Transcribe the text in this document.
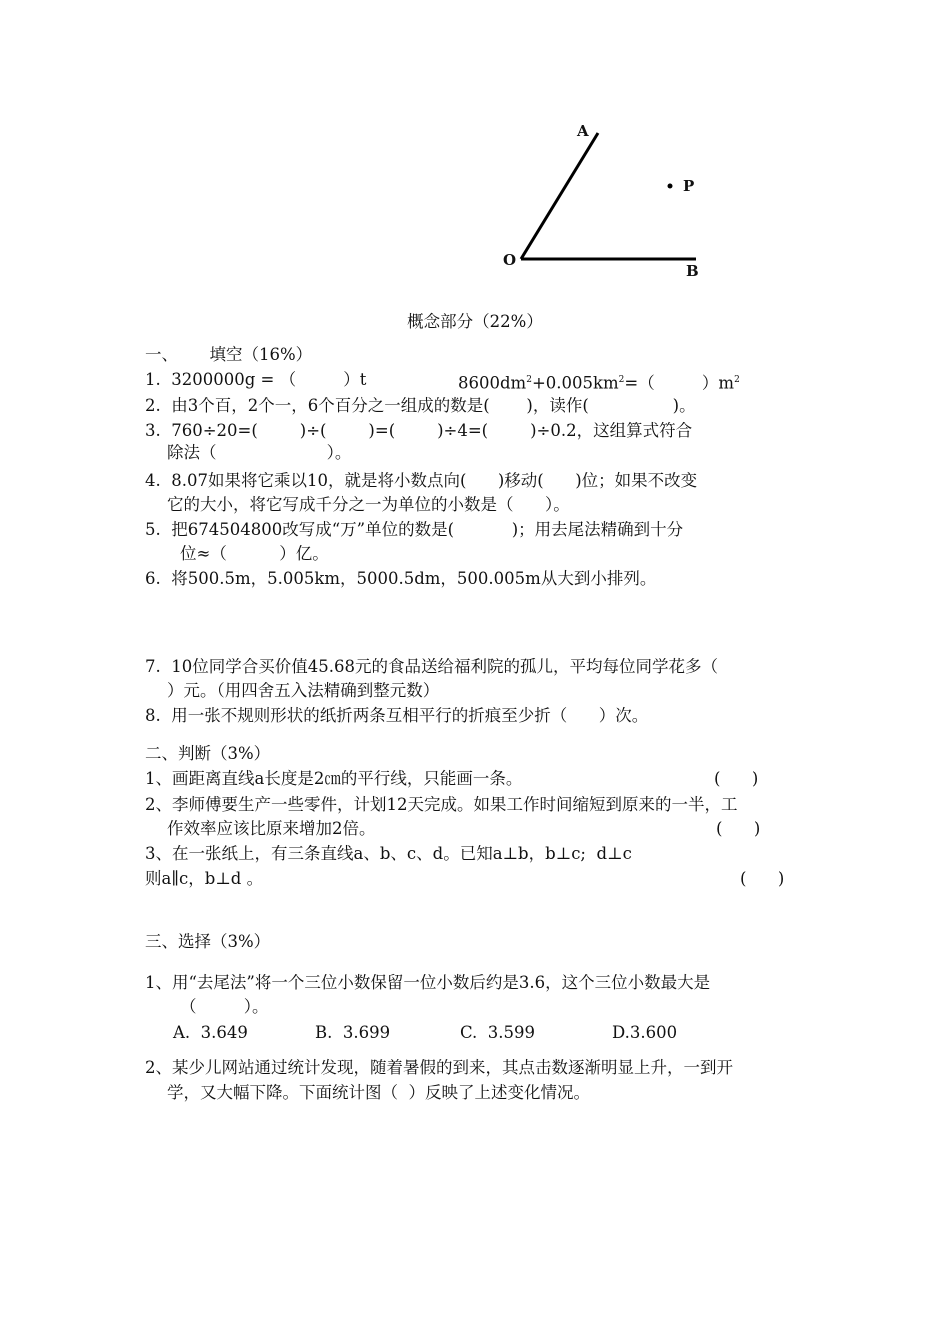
A
P
O
B
概念部分（22%）
一、      填空（16%）
1.  3200000g = （         ）t	$8600dm^2+0.005km^2=$（         ）$m^2$
2.  由3个百，2个一，6个百分之一组成的数是(       )，读作(                )。
3.  760÷20=(        )÷(        )=(        )÷4=(        )÷0.2，这组算式符合
除法（                     ）。
4.  8.07如果将它乘以10，就是将小数点向(      )移动(      )位；如果不改变
它的大小，将它写成千分之一为单位的小数是（      ）。
5.  把674504800改写成“万”单位的数是(           )；用去尾法精确到十分
位≈（          ）亿。
6.  将500.5m，5.005km，5000.5dm，500.005m从大到小排列。
7.  10位同学合买价值45.68元的食品送给福利院的孤儿，平均每位同学花多（
）元。（用四舍五入法精确到整元数）
8.  用一张不规则形状的纸折两条互相平行的折痕至少折（      ）次。
二、判断（3%）
1、画距离直线a长度是2㎝的平行线，只能画一条。	(      )
2、李师傅要生产一些零件，计划12天完成。如果工作时间缩短到原来的一半，工
作效率应该比原来增加2倍。	(      )
3、在一张纸上，有三条直线a、b、c、d。已知a⊥b，b⊥c;  d⊥c
则a∥c，b⊥d 。	(      )
三、选择（3%）
1、用“去尾法”将一个三位小数保留一位小数后约是3.6，这个三位小数最大是
（         ）。
A.  3.649	B.  3.699	C.  3.599	D.3.600
2、某少儿网站通过统计发现，随着暑假的到来，其点击数逐渐明显上升，一到开
学，又大幅下降。下面统计图（  ）反映了上述变化情况。
